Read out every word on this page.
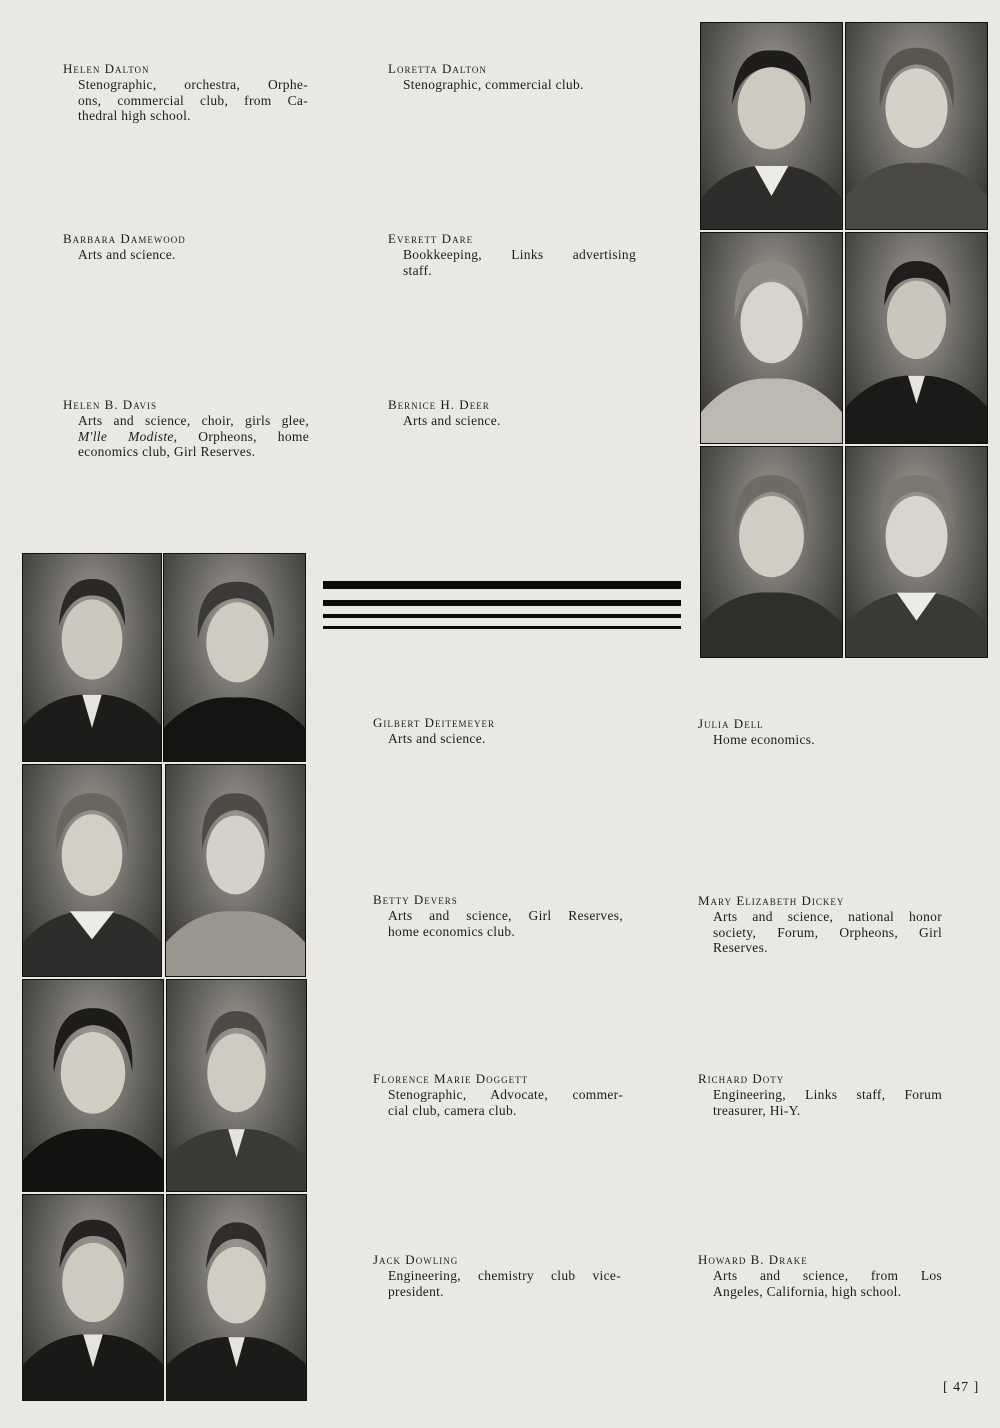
Helen Dalton
Stenographic, orchestra, Orphe-
ons, commercial club, from Ca-
thedral high school.
Loretta Dalton
Stenographic, commercial club.
Barbara Damewood
Arts and science.
Everett Dare
Bookkeeping, Links advertising
staff.
Helen B. Davis
Arts and science, choir, girls glee,
M'lle Modiste, Orpheons, home
economics club, Girl Reserves.
Bernice H. Deer
Arts and science.
Gilbert Deitemeyer
Arts and science.
Julia Dell
Home economics.
Betty Devers
Arts and science, Girl Reserves,
home economics club.
Mary Elizabeth Dickey
Arts and science, national honor
society, Forum, Orpheons, Girl
Reserves.
Florence Marie Doggett
Stenographic, Advocate, commer-
cial club, camera club.
Richard Doty
Engineering, Links staff, Forum
treasurer, Hi-Y.
Jack Dowling
Engineering, chemistry club vice-
president.
Howard B. Drake
Arts and science, from Los
Angeles, California, high school.
[ 47 ]
